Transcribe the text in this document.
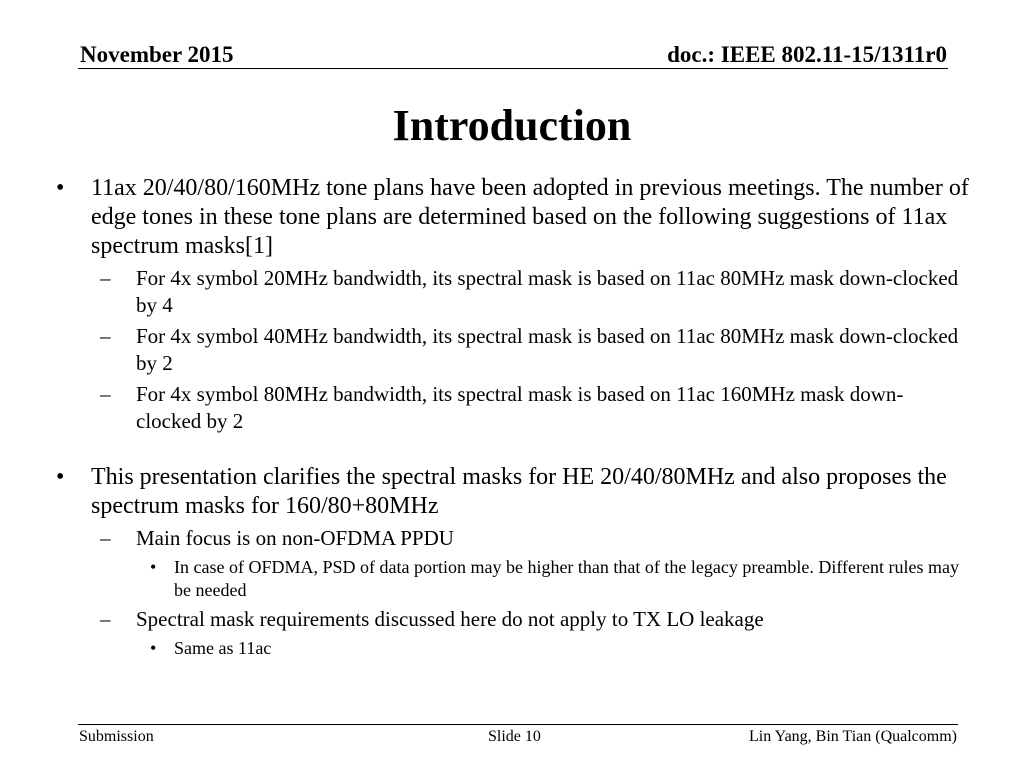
November 2015	doc.: IEEE 802.11-15/1311r0
Introduction
• 11ax 20/40/80/160MHz tone plans have been adopted in previous meetings. The number of edge tones in these tone plans are determined based on the following suggestions of 11ax spectrum masks[1]
– For 4x symbol 20MHz bandwidth, its spectral mask is based on 11ac 80MHz mask down-clocked by 4
– For 4x symbol 40MHz bandwidth, its spectral mask is based on 11ac 80MHz mask down-clocked by 2
– For 4x symbol 80MHz bandwidth, its spectral mask is based on 11ac 160MHz mask down-clocked by 2
• This presentation clarifies the spectral masks for HE 20/40/80MHz and also proposes the spectrum masks for 160/80+80MHz
– Main focus is on non-OFDMA PPDU
• In case of OFDMA, PSD of data portion may be higher than that of the legacy preamble. Different rules may be needed
– Spectral mask requirements discussed here do not apply to TX LO leakage
• Same as 11ac
Submission	Slide 10	Lin Yang, Bin Tian (Qualcomm)
